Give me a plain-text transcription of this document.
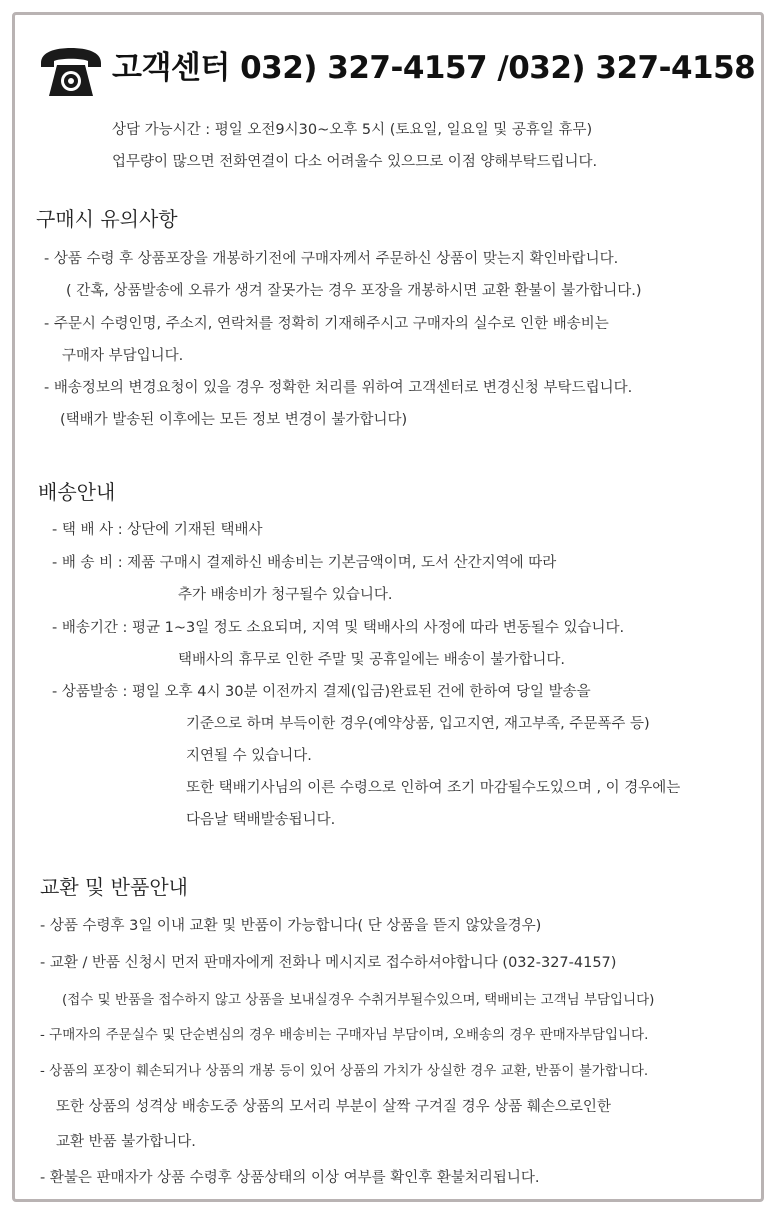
고객센터 032) 327-4157 /032) 327-4158
상담 가능시간 : 평일 오전9시30~오후 5시 (토요일, 일요일 및 공휴일 휴무)
업무량이 많으면 전화연결이 다소 어려울수 있으므로 이점 양해부탁드립니다.
구매시 유의사항
- 상품 수령 후 상품포장을 개봉하기전에 구매자께서 주문하신 상품이 맞는지 확인바랍니다.
( 간혹, 상품발송에 오류가 생겨 잘못가는 경우 포장을 개봉하시면 교환 환불이 불가합니다.)
- 주문시 수령인명, 주소지, 연락처를 정확히 기재해주시고 구매자의 실수로 인한 배송비는
구매자 부담입니다.
- 배송정보의 변경요청이 있을 경우 정확한 처리를 위하여 고객센터로 변경신청 부탁드립니다.
(택배가 발송된 이후에는 모든 정보 변경이 불가합니다)
배송안내
- 택 배 사 : 상단에 기재된 택배사
- 배 송 비 : 제품 구매시 결제하신 배송비는 기본금액이며, 도서 산간지역에 따라
추가 배송비가 청구될수 있습니다.
- 배송기간 : 평균 1~3일 정도 소요되며, 지역 및 택배사의 사정에 따라 변동될수 있습니다.
택배사의 휴무로 인한 주말 및 공휴일에는 배송이 불가합니다.
- 상품발송 : 평일 오후 4시 30분 이전까지 결제(입금)완료된 건에 한하여 당일 발송을
기준으로 하며 부득이한 경우(예약상품, 입고지연, 재고부족, 주문폭주 등)
지연될 수 있습니다.
또한 택배기사님의 이른 수령으로 인하여 조기 마감될수도있으며 , 이 경우에는
다음날 택배발송됩니다.
교환 및 반품안내
- 상품 수령후 3일 이내 교환 및 반품이 가능합니다( 단 상품을 뜯지 않았을경우)
- 교환 / 반품 신청시 먼저 판매자에게 전화나 메시지로 접수하셔야합니다 (032-327-4157)
(접수 및 반품을 접수하지 않고 상품을 보내실경우 수취거부될수있으며, 택배비는 고객님 부담입니다)
- 구매자의 주문실수 및 단순변심의 경우 배송비는 구매자님 부담이며, 오배송의 경우 판매자부담입니다.
- 상품의 포장이 훼손되거나 상품의 개봉 등이 있어 상품의 가치가 상실한 경우 교환, 반품이 불가합니다.
또한 상품의 성격상 배송도중 상품의 모서리 부분이 살짝 구겨질 경우 상품 훼손으로인한
교환 반품 불가합니다.
- 환불은 판매자가 상품 수령후 상품상태의 이상 여부를 확인후 환불처리됩니다.
